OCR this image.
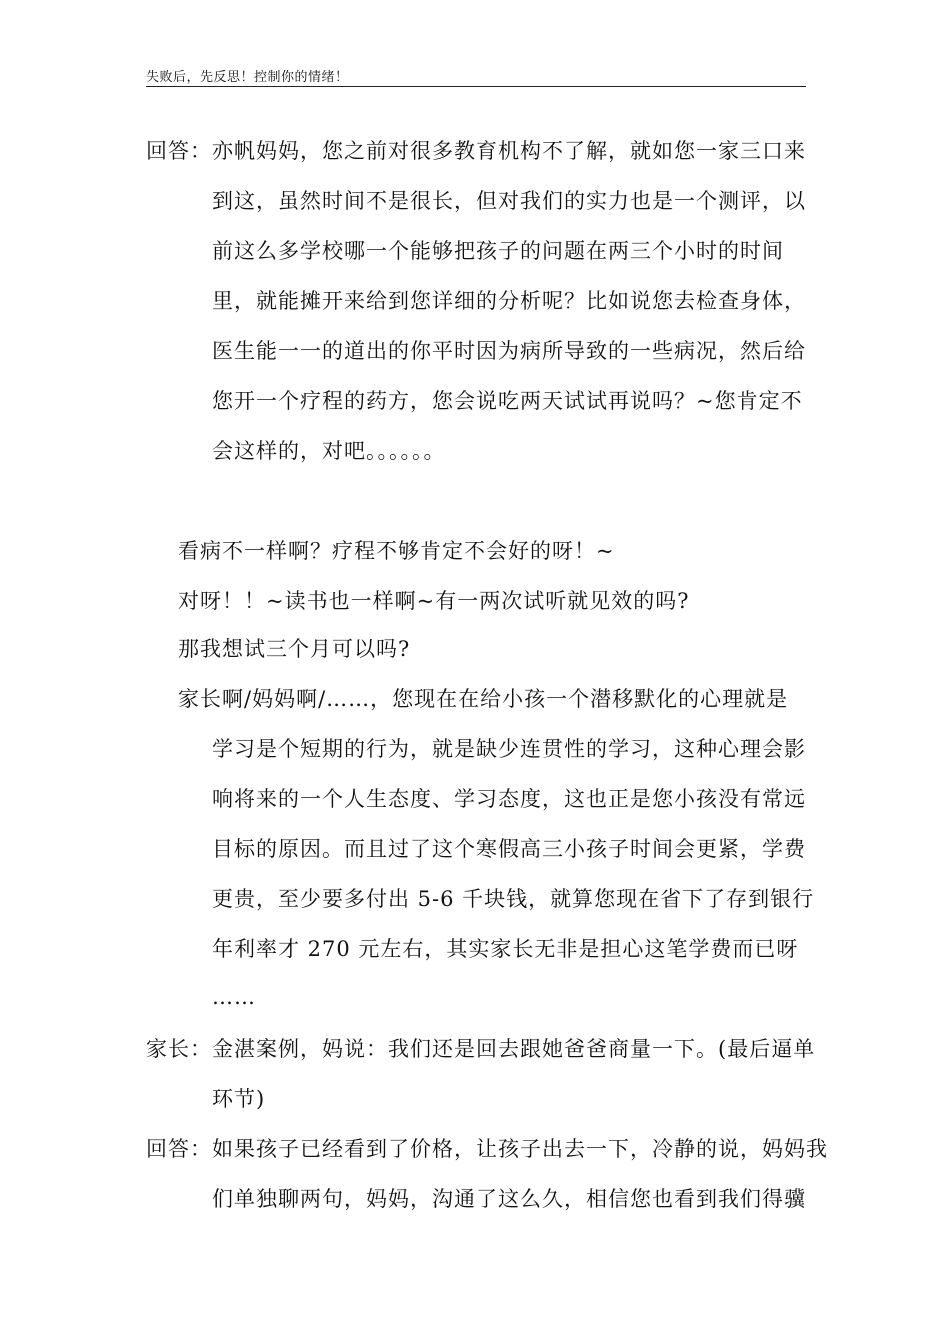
失败后，先反思！控制你的情绪！
回答：亦帆妈妈，您之前对很多教育机构不了解，就如您一家三口来
到这，虽然时间不是很长，但对我们的实力也是一个测评，以
前这么多学校哪一个能够把孩子的问题在两三个小时的时间
里，就能摊开来给到您详细的分析呢？比如说您去检查身体，
医生能一一的道出的你平时因为病所导致的一些病况，然后给
您开一个疗程的药方，您会说吃两天试试再说吗？~您肯定不
会这样的，对吧。。。。。。
看病不一样啊？疗程不够肯定不会好的呀！~
对呀！！~读书也一样啊~有一两次试听就见效的吗?
那我想试三个月可以吗?
家长啊/妈妈啊/……，您现在在给小孩一个潜移默化的心理就是
学习是个短期的行为，就是缺少连贯性的学习，这种心理会影
响将来的一个人生态度、学习态度，这也正是您小孩没有常远
目标的原因。而且过了这个寒假高三小孩子时间会更紧，学费
更贵，至少要多付出 5-6 千块钱，就算您现在省下了存到银行
年利率才 270 元左右，其实家长无非是担心这笔学费而已呀
……
家长：金湛案例，妈说：我们还是回去跟她爸爸商量一下。(最后逼单
环节)
回答：如果孩子已经看到了价格，让孩子出去一下，冷静的说，妈妈我
们单独聊两句，妈妈，沟通了这么久，相信您也看到我们得骥
